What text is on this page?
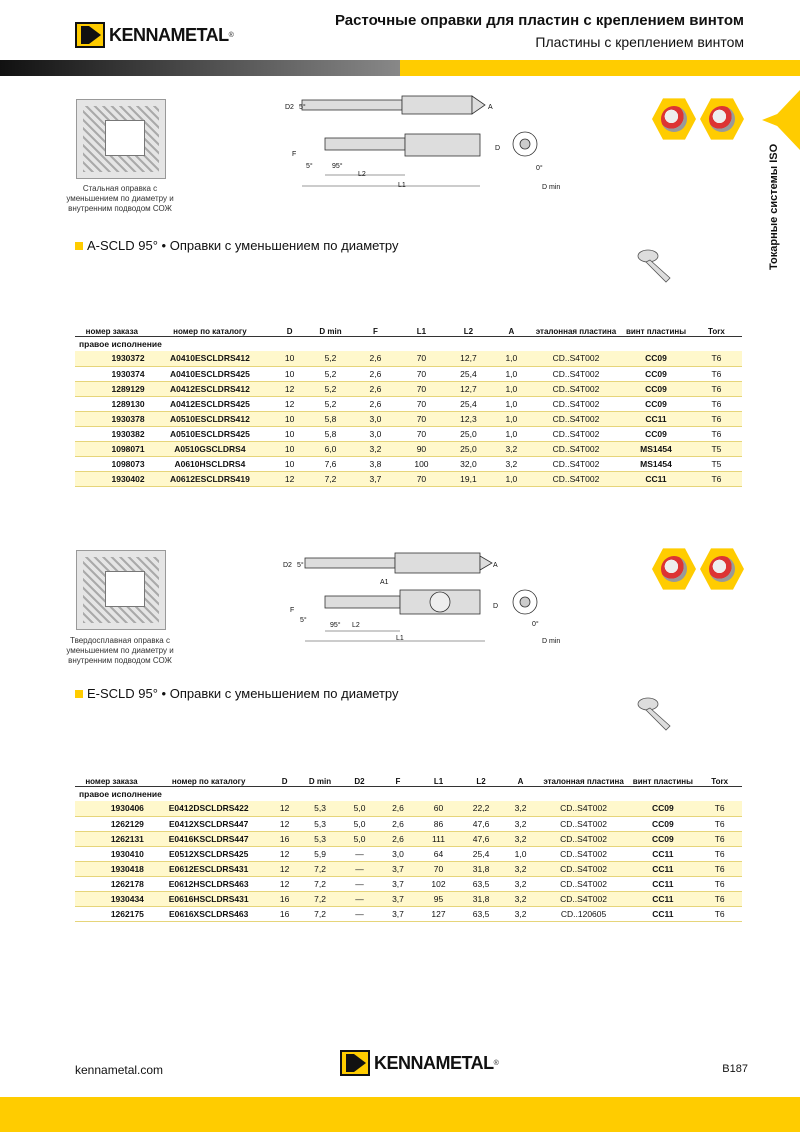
KENNAMETAL ®
Расточные оправки для пластин с креплением винтом
Пластины с креплением винтом
Токарные системы ISO
Стальная оправка с уменьшением по диаметру и внутренним подводом СОЖ
D2 5°	A
F
5°	95°
L2
L1
D
0°
D min
A-SCLD 95° • Оправки с уменьшением по диаметру
номер заказа	номер по каталогу	D	D min	F	L1	L2	A	эталонная пластина	винт пластины	Torx
правое исполнение										
1930372	A0410ESCLDRS412	10	5,2	2,6	70	12,7	1,0	CD..S4T002	CC09	T6
1930374	A0410ESCLDRS425	10	5,2	2,6	70	25,4	1,0	CD..S4T002	CC09	T6
1289129	A0412ESCLDRS412	12	5,2	2,6	70	12,7	1,0	CD..S4T002	CC09	T6
1289130	A0412ESCLDRS425	12	5,2	2,6	70	25,4	1,0	CD..S4T002	CC09	T6
1930378	A0510ESCLDRS412	10	5,8	3,0	70	12,3	1,0	CD..S4T002	CC11	T6
1930382	A0510ESCLDRS425	10	5,8	3,0	70	25,0	1,0	CD..S4T002	CC09	T6
1098071	A0510GSCLDRS4	10	6,0	3,2	90	25,0	3,2	CD..S4T002	MS1454	T5
1098073	A0610HSCLDRS4	10	7,6	3,8	100	32,0	3,2	CD..S4T002	MS1454	T5
1930402	A0612ESCLDRS419	12	7,2	3,7	70	19,1	1,0	CD..S4T002	CC11	T6
Твердосплавная оправка с уменьшением по диаметру и внутренним подводом СОЖ
D2 5°	A
A1
F
5°
95° L2
L1
D
0°
D min
E-SCLD 95° • Оправки с уменьшением по диаметру
номер заказа	номер по каталогу	D	D min	D2	F	L1	L2	A	эталонная пластина	винт пластины	Torx
правое исполнение											
1930406	E0412DSCLDRS422	12	5,3	5,0	2,6	60	22,2	3,2	CD..S4T002	CC09	T6
1262129	E0412XSCLDRS447	12	5,3	5,0	2,6	86	47,6	3,2	CD..S4T002	CC09	T6
1262131	E0416KSCLDRS447	16	5,3	5,0	2,6	111	47,6	3,2	CD..S4T002	CC09	T6
1930410	E0512XSCLDRS425	12	5,9	—	3,0	64	25,4	1,0	CD..S4T002	CC11	T6
1930418	E0612ESCLDRS431	12	7,2	—	3,7	70	31,8	3,2	CD..S4T002	CC11	T6
1262178	E0612HSCLDRS463	12	7,2	—	3,7	102	63,5	3,2	CD..S4T002	CC11	T6
1930434	E0616HSCLDRS431	16	7,2	—	3,7	95	31,8	3,2	CD..S4T002	CC11	T6
1262175	E0616XSCLDRS463	16	7,2	—	3,7	127	63,5	3,2	CD..120605	CC11	T6
kennametal.com	KENNAMETAL ®	B187
